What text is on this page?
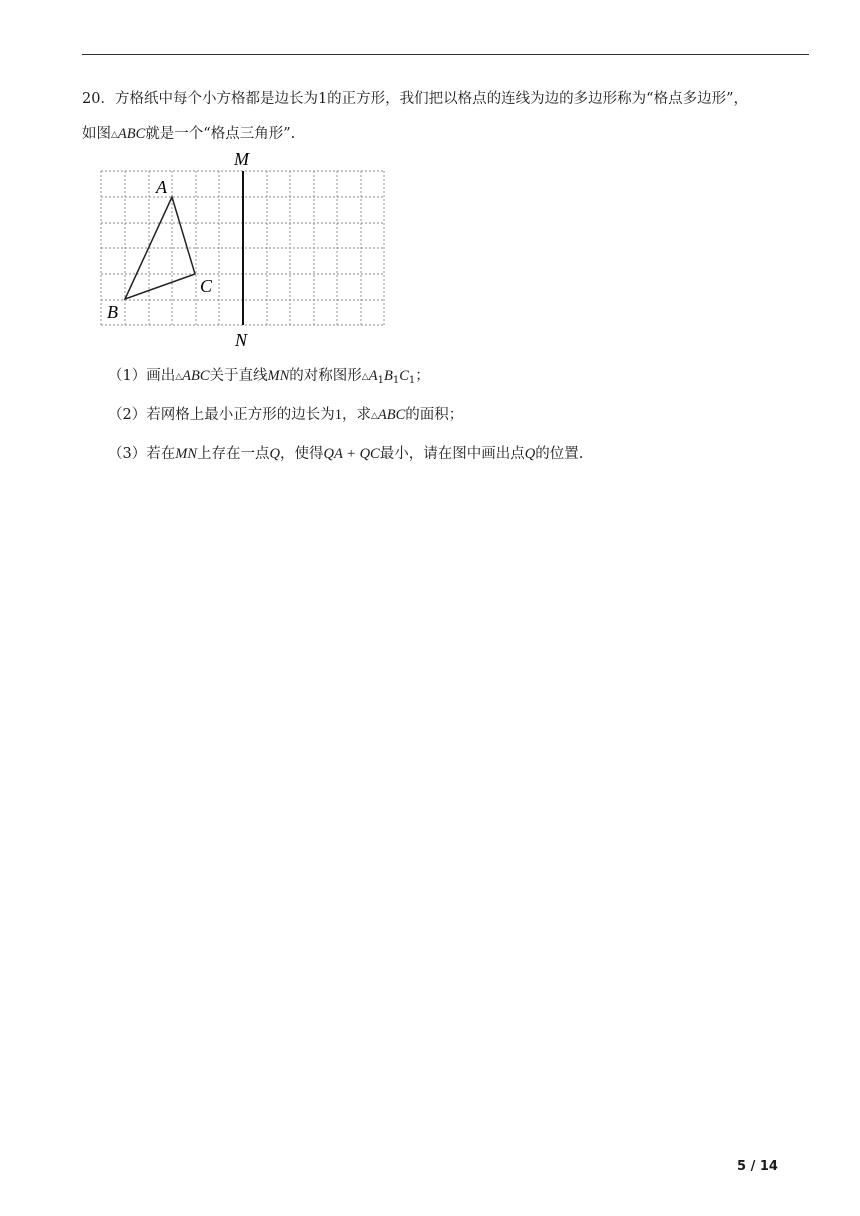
20．方格纸中每个小方格都是边长为1的正方形，我们把以格点的连线为边的多边形称为“格点多边形”，
如图△ABC就是一个“格点三角形”.
M
N
A
B
C
（1）画出△ABC关于直线MN的对称图形$\triangle A_1B_1C_1$；
（2）若网格上最小正方形的边长为1，求△ABC的面积；
（3）若在MN上存在一点Q，使得QA + QC最小，请在图中画出点Q的位置.
5 / 14
